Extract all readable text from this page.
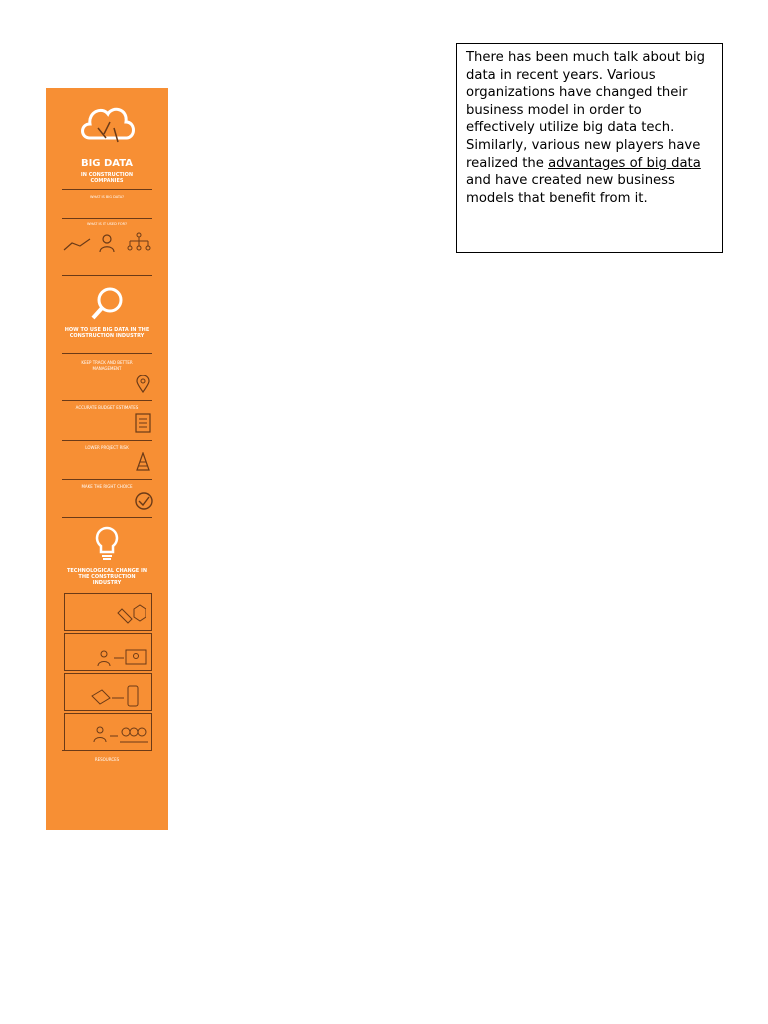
BIG DATA
IN CONSTRUCTION COMPANIES
WHAT IS BIG DATA?
WHAT IS IT USED FOR?
HOW TO USE BIG DATA IN THE CONSTRUCTION INDUSTRY
KEEP TRACK AND BETTER MANAGEMENT
ACCURATE BUDGET ESTIMATES
LOWER PROJECT RISK
MAKE THE RIGHT CHOICE
TECHNOLOGICAL CHANGE IN THE CONSTRUCTION INDUSTRY
RESOURCES
There has been much talk about big data in recent years. Various organizations have changed their business model in order to effectively utilize big data tech. Similarly, various new players have realized the advantages of big data and have created new business models that benefit from it.
